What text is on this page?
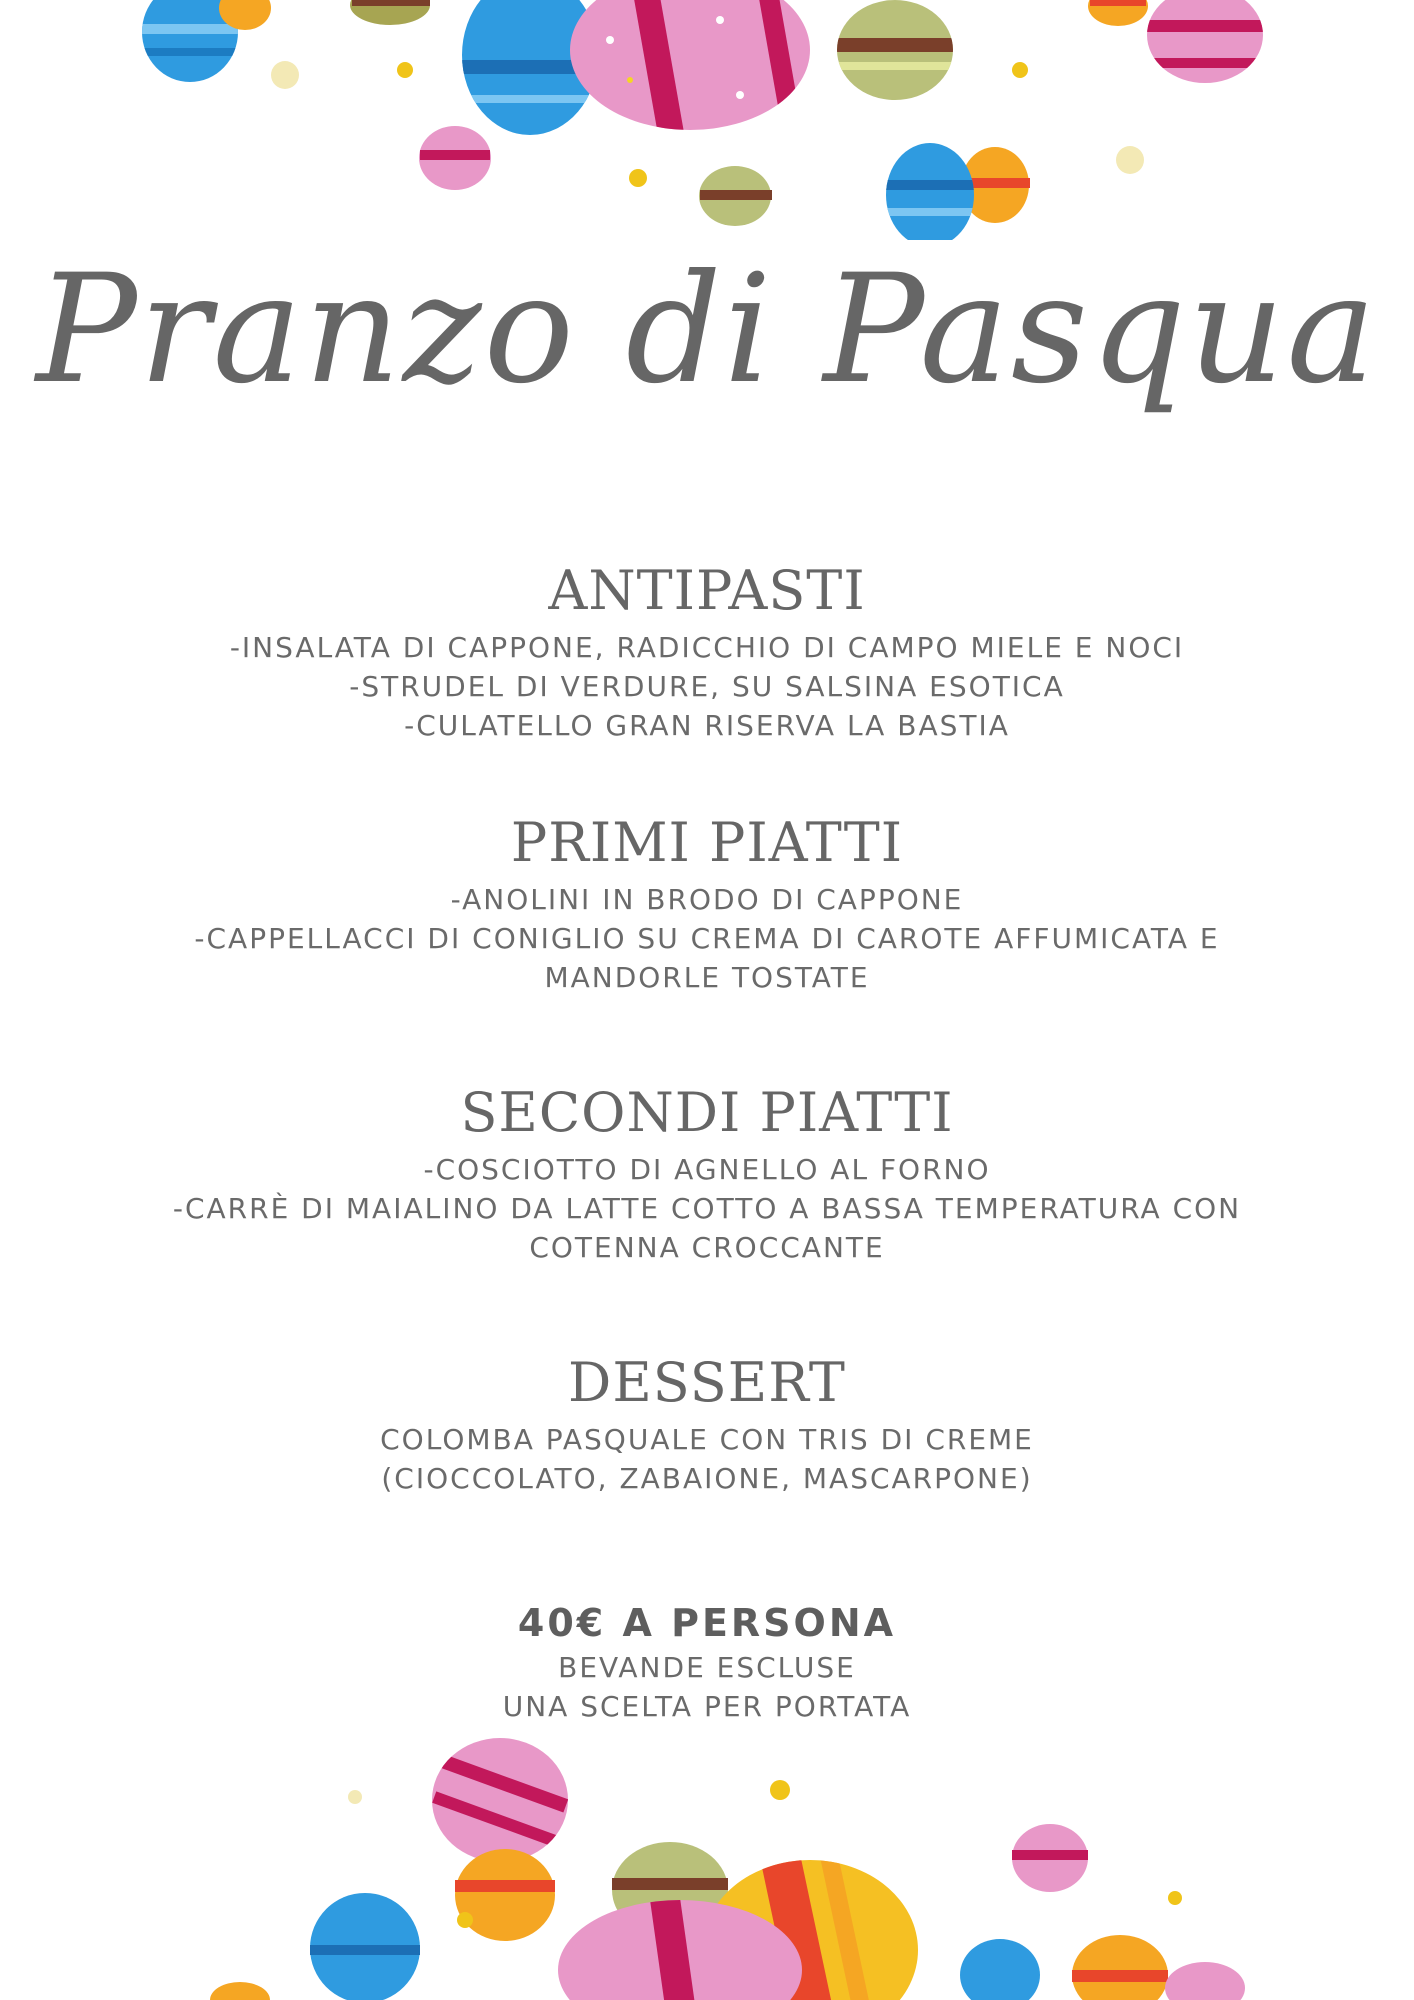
Pranzo di Pasqua
ANTIPASTI
-INSALATA DI CAPPONE, RADICCHIO DI CAMPO MIELE E NOCI
-STRUDEL DI VERDURE, SU SALSINA ESOTICA
-CULATELLO GRAN RISERVA LA BASTIA
PRIMI PIATTI
-ANOLINI IN BRODO DI CAPPONE
-CAPPELLACCI DI CONIGLIO SU CREMA DI CAROTE AFFUMICATA E
MANDORLE TOSTATE
SECONDI PIATTI
-COSCIOTTO DI AGNELLO AL FORNO
-CARRÈ DI MAIALINO DA LATTE COTTO A BASSA TEMPERATURA CON
COTENNA CROCCANTE
DESSERT
COLOMBA PASQUALE CON TRIS DI CREME
(CIOCCOLATO, ZABAIONE, MASCARPONE)
40€ A PERSONA
BEVANDE ESCLUSE
UNA SCELTA PER PORTATA
